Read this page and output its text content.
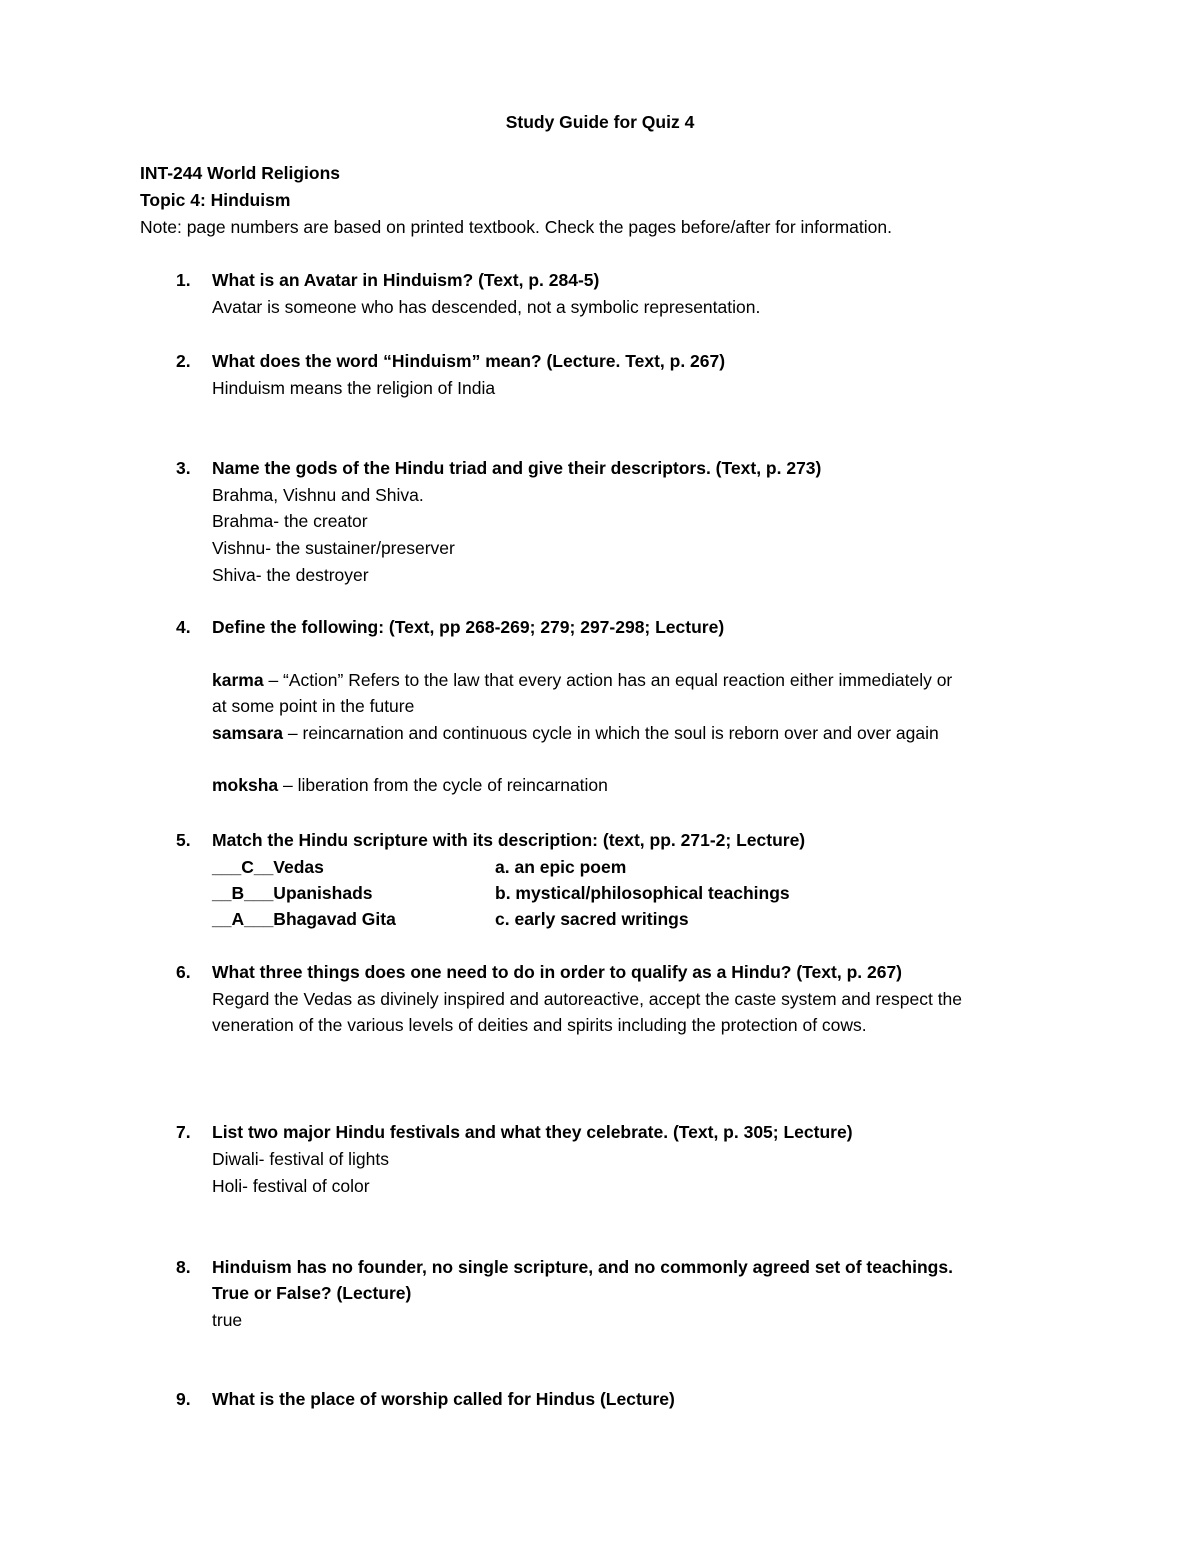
Study Guide for Quiz 4
INT-244 World Religions
Topic 4: Hinduism
Note: page numbers are based on printed textbook. Check the pages before/after for information.
1. What is an Avatar in Hinduism? (Text, p. 284-5)
Avatar is someone who has descended, not a symbolic representation.
2. What does the word “Hinduism” mean? (Lecture. Text, p. 267)
Hinduism means the religion of India
3. Name the gods of the Hindu triad and give their descriptors. (Text, p. 273)
Brahma, Vishnu and Shiva.
Brahma- the creator
Vishnu- the sustainer/preserver
Shiva- the destroyer
4. Define the following: (Text, pp 268-269; 279; 297-298; Lecture)
karma – “Action” Refers to the law that every action has an equal reaction either immediately or
at some point in the future
samsara – reincarnation and continuous cycle in which the soul is reborn over and over again
moksha – liberation from the cycle of reincarnation
5. Match the Hindu scripture with its description: (text, pp. 271-2; Lecture)
___C__Vedas	a. an epic poem
__B___Upanishads	b. mystical/philosophical teachings
__A___Bhagavad Gita	c. early sacred writings
6. What three things does one need to do in order to qualify as a Hindu? (Text, p. 267)
Regard the Vedas as divinely inspired and autoreactive, accept the caste system and respect the
veneration of the various levels of deities and spirits including the protection of cows.
7. List two major Hindu festivals and what they celebrate. (Text, p. 305; Lecture)
Diwali- festival of lights
Holi- festival of color
8. Hinduism has no founder, no single scripture, and no commonly agreed set of teachings.
True or False? (Lecture)
true
9. What is the place of worship called for Hindus (Lecture)
